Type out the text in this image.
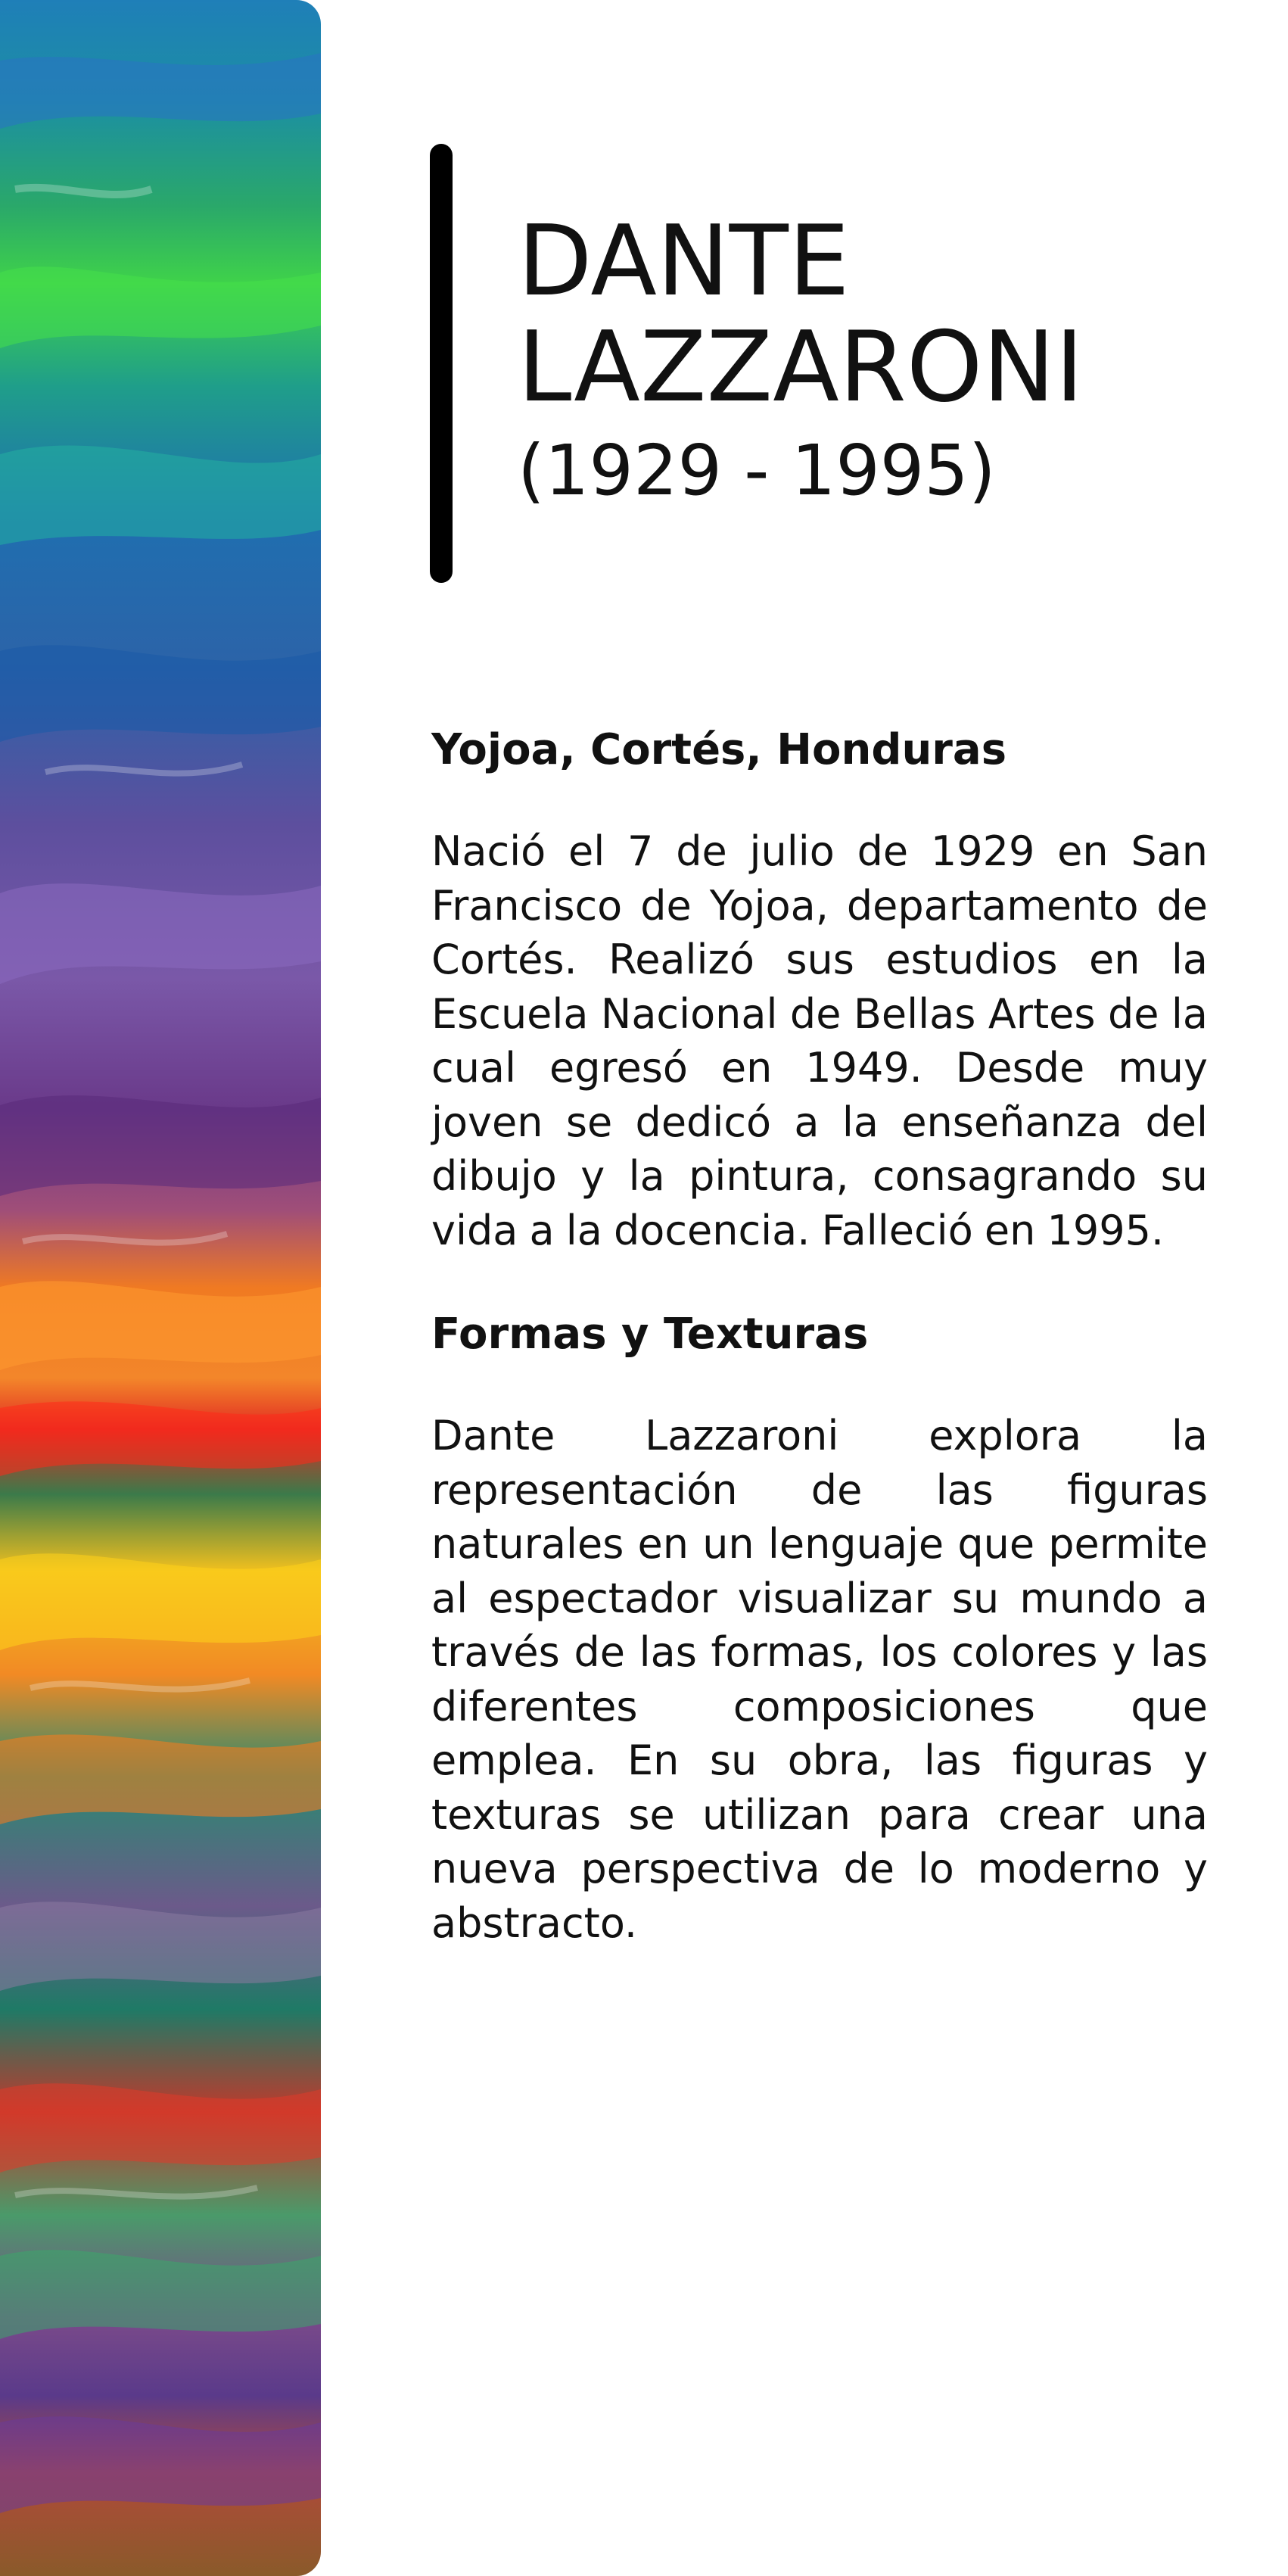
DANTE
LAZZARONI
(1929 - 1995)
Yojoa, Cortés, Honduras

Nació el 7 de julio de 1929 en San Francisco de Yojoa, departamento de Cortés. Realizó sus estudios en la Escuela Nacional de Bellas Artes de la cual egresó en 1949. Desde muy joven se dedicó a la enseñanza del dibujo y la pintura, consagrando su vida a la docencia. Falleció en 1995.

Formas y Texturas

Dante Lazzaroni explora la representación de las figuras naturales en un lenguaje que permite al espectador visualizar su mundo a través de las formas, los colores y las diferentes composiciones que emplea. En su obra, las figuras y texturas se utilizan para crear una nueva perspectiva de lo moderno y abstracto.
